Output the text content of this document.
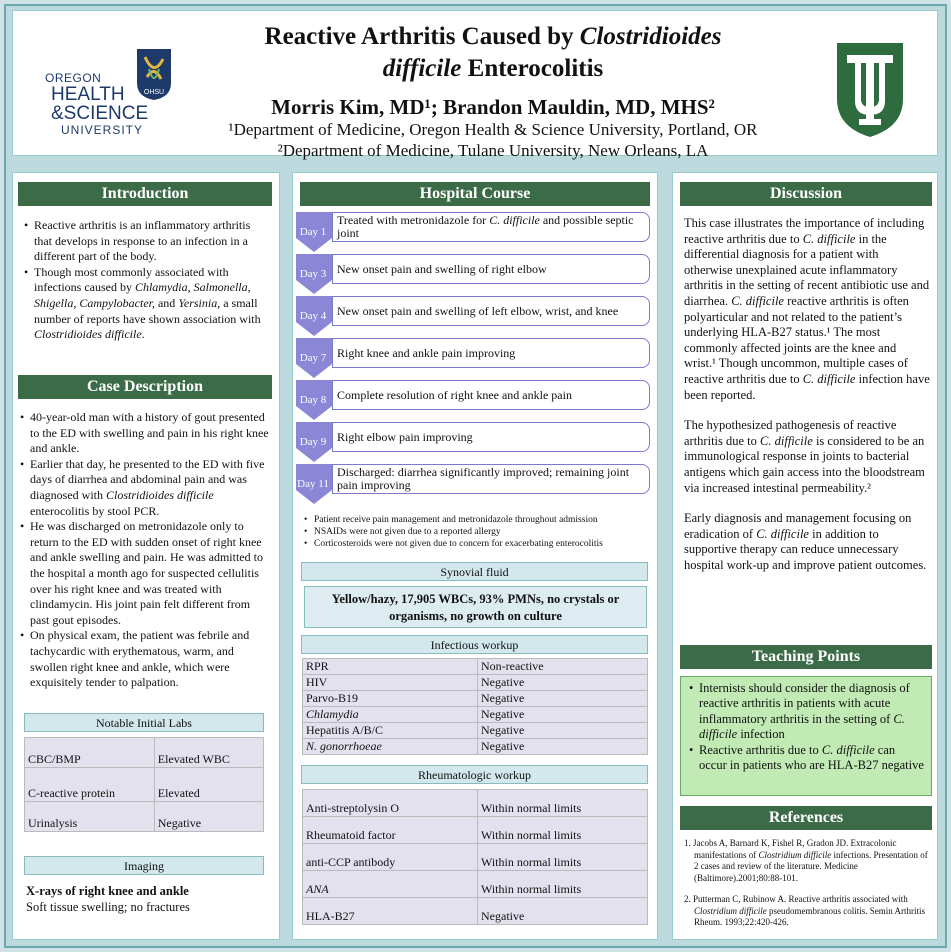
OREGON
HEALTH
&SCIENCE
UNIVERSITY
OHSU
Reactive Arthritis Caused by Clostridioides
difficile Enterocolitis
Morris Kim, MD¹; Brandon Mauldin, MD, MHS²
¹Department of Medicine, Oregon Health & Science University, Portland, OR
²Department of Medicine, Tulane University, New Orleans, LA
Introduction
• Reactive arthritis is an inflammatory arthritis that develops in response to an infection in a different part of the body.
• Though most commonly associated with infections caused by Chlamydia, Salmonella, Shigella, Campylobacter, and Yersinia, a small number of reports have shown association with Clostridioides difficile.
Case Description
• 40-year-old man with a history of gout presented to the ED with swelling and pain in his right knee and ankle.
• Earlier that day, he presented to the ED with five days of diarrhea and abdominal pain and was diagnosed with Clostridioides difficile enterocolitis by stool PCR.
• He was discharged on metronidazole only to return to the ED with sudden onset of right knee and ankle swelling and pain. He was admitted to the hospital a month ago for suspected cellulitis over his right knee and was treated with clindamycin. His joint pain felt different from past gout episodes.
• On physical exam, the patient was febrile and tachycardic with erythematous, warm, and swollen right knee and ankle, which were exquisitely tender to palpation.
Notable Initial Labs
CBC/BMP	Elevated WBC
C-reactive protein	Elevated
Urinalysis	Negative
Imaging
X-rays of right knee and ankle
Soft tissue swelling; no fractures
Hospital Course
Day 1
Treated with metronidazole for C. difficile and possible septic joint
Day 3 New onset pain and swelling of right elbow
Day 4 New onset pain and swelling of left elbow, wrist, and knee
Day 7 Right knee and ankle pain improving
Day 8 Complete resolution of right knee and ankle pain
Day 9 Right elbow pain improving
Day 11
Discharged: diarrhea significantly improved; remaining joint pain improving
• Patient receive pain management and metronidazole throughout admission
• NSAIDs were not given due to a reported allergy
• Corticosteroids were not given due to concern for exacerbating enterocolitis
Synovial fluid
Yellow/hazy, 17,905 WBCs, 93% PMNs, no crystals or organisms, no growth on culture
Infectious workup
RPR	Non-reactive
HIV	Negative
Parvo-B19	Negative
Chlamydia	Negative
Hepatitis A/B/C	Negative
N. gonorrhoeae	Negative
Rheumatologic workup
Anti-streptolysin O	Within normal limits
Rheumatoid factor	Within normal limits
anti-CCP antibody	Within normal limits
ANA	Within normal limits
HLA-B27	Negative
Discussion

This case illustrates the importance of including reactive arthritis due to C. difficile in the differential diagnosis for a patient with otherwise unexplained acute inflammatory arthritis in the setting of recent antibiotic use and diarrhea. C. difficile reactive arthritis is often polyarticular and not related to the patient’s underlying HLA-B27 status.¹ The most commonly affected joints are the knee and wrist.¹ Though uncommon, multiple cases of reactive arthritis due to C. difficile infection have been reported.

The hypothesized pathogenesis of reactive arthritis due to C. difficile is considered to be an immunological response in joints to bacterial antigens which gain access into the bloodstream via increased intestinal permeability.²

Early diagnosis and management focusing on eradication of C. difficile in addition to supportive therapy can reduce unnecessary hospital work-up and improve patient outcomes.

Teaching Points
• Internists should consider the diagnosis of reactive arthritis in patients with acute inflammatory arthritis in the setting of C. difficile infection
• Reactive arthritis due to C. difficile can occur in patients who are HLA-B27 negative
References

1. Jacobs A, Barnard K, Fishel R, Gradon JD. Extracolonic manifestations of Clostridium difficile infections. Presentation of 2 cases and review of the literature. Medicine (Baltimore).2001;80:88-101.

2. Putterman C, Rubinow A. Reactive arthritis associated with Clostridium difficile pseudomembranous colitis. Semin Arthritis Rheum. 1993;22:420-426.
